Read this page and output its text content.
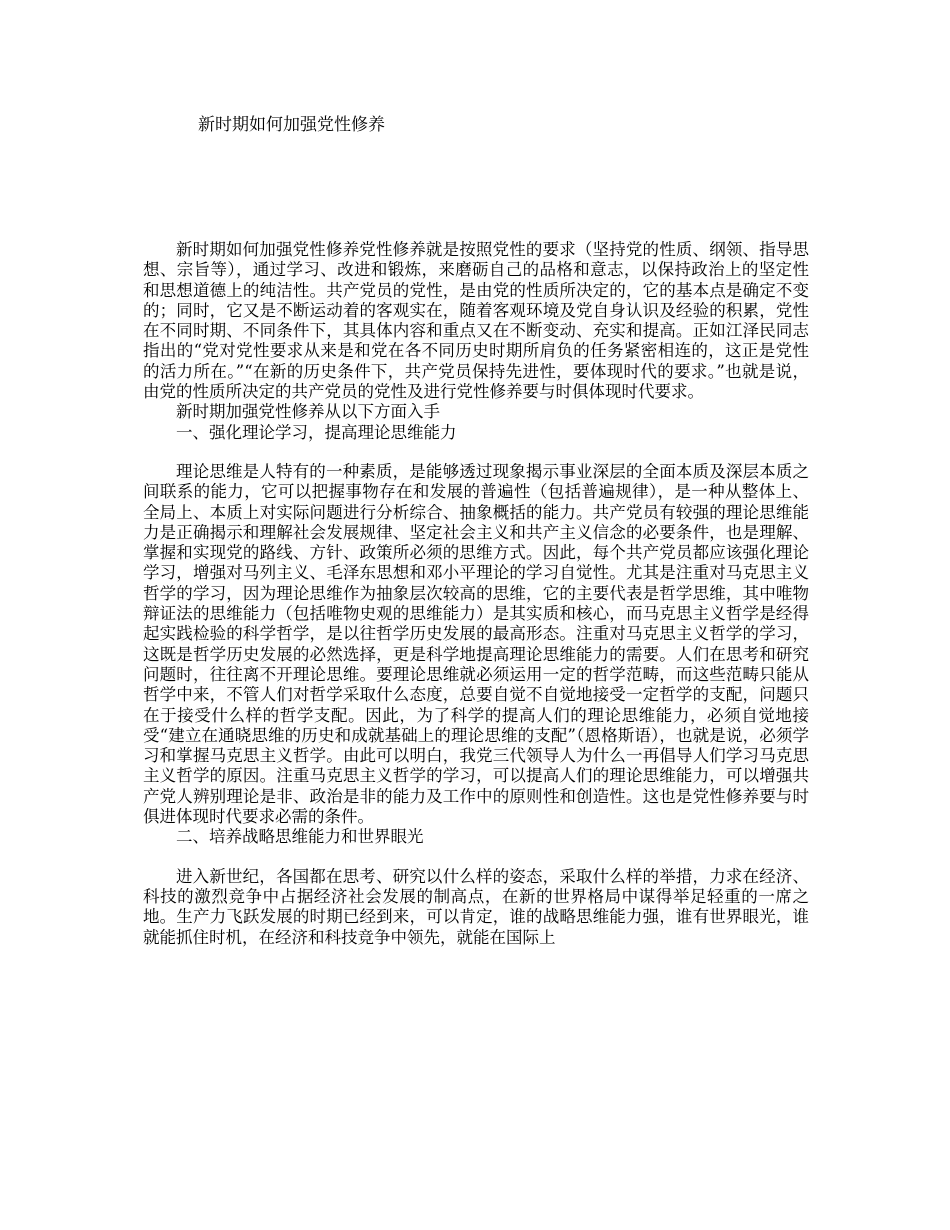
新时期如何加强党性修养

新时期如何加强党性修养党性修养就是按照党性的要求（坚持党的性质、纲领、指导思想、宗旨等），通过学习、改进和锻炼，来磨砺自己的品格和意志，以保持政治上的坚定性和思想道德上的纯洁性。共产党员的党性，是由党的性质所决定的，它的基本点是确定不变的；同时，它又是不断运动着的客观实在，随着客观环境及党自身认识及经验的积累，党性在不同时期、不同条件下，其具体内容和重点又在不断变动、充实和提高。正如江泽民同志指出的“党对党性要求从来是和党在各不同历史时期所肩负的任务紧密相连的，这正是党性的活力所在。”“在新的历史条件下，共产党员保持先进性，要体现时代的要求。”也就是说，由党的性质所决定的共产党员的党性及进行党性修养要与时俱体现时代要求。

新时期加强党性修养从以下方面入手

一、强化理论学习，提高理论思维能力

理论思维是人特有的一种素质，是能够透过现象揭示事业深层的全面本质及深层本质之间联系的能力，它可以把握事物存在和发展的普遍性（包括普遍规律），是一种从整体上、全局上、本质上对实际问题进行分析综合、抽象概括的能力。共产党员有较强的理论思维能力是正确揭示和理解社会发展规律、坚定社会主义和共产主义信念的必要条件，也是理解、掌握和实现党的路线、方针、政策所必须的思维方式。因此，每个共产党员都应该强化理论学习，增强对马列主义、毛泽东思想和邓小平理论的学习自觉性。尤其是注重对马克思主义哲学的学习，因为理论思维作为抽象层次较高的思维，它的主要代表是哲学思维，其中唯物辩证法的思维能力（包括唯物史观的思维能力）是其实质和核心，而马克思主义哲学是经得起实践检验的科学哲学，是以往哲学历史发展的最高形态。注重对马克思主义哲学的学习，这既是哲学历史发展的必然选择，更是科学地提高理论思维能力的需要。人们在思考和研究问题时，往往离不开理论思维。要理论思维就必须运用一定的哲学范畴，而这些范畴只能从哲学中来，不管人们对哲学采取什么态度，总要自觉不自觉地接受一定哲学的支配，问题只在于接受什么样的哲学支配。因此，为了科学的提高人们的理论思维能力，必须自觉地接受“建立在通晓思维的历史和成就基础上的理论思维的支配”（恩格斯语），也就是说，必须学习和掌握马克思主义哲学。由此可以明白，我党三代领导人为什么一再倡导人们学习马克思主义哲学的原因。注重马克思主义哲学的学习，可以提高人们的理论思维能力，可以增强共产党人辨别理论是非、政治是非的能力及工作中的原则性和创造性。这也是党性修养要与时俱进体现时代要求必需的条件。

二、培养战略思维能力和世界眼光

进入新世纪，各国都在思考、研究以什么样的姿态，采取什么样的举措，力求在经济、科技的激烈竞争中占据经济社会发展的制高点，在新的世界格局中谋得举足轻重的一席之地。生产力飞跃发展的时期已经到来，可以肯定，谁的战略思维能力强，谁有世界眼光，谁就能抓住时机，在经济和科技竞争中领先，就能在国际上
